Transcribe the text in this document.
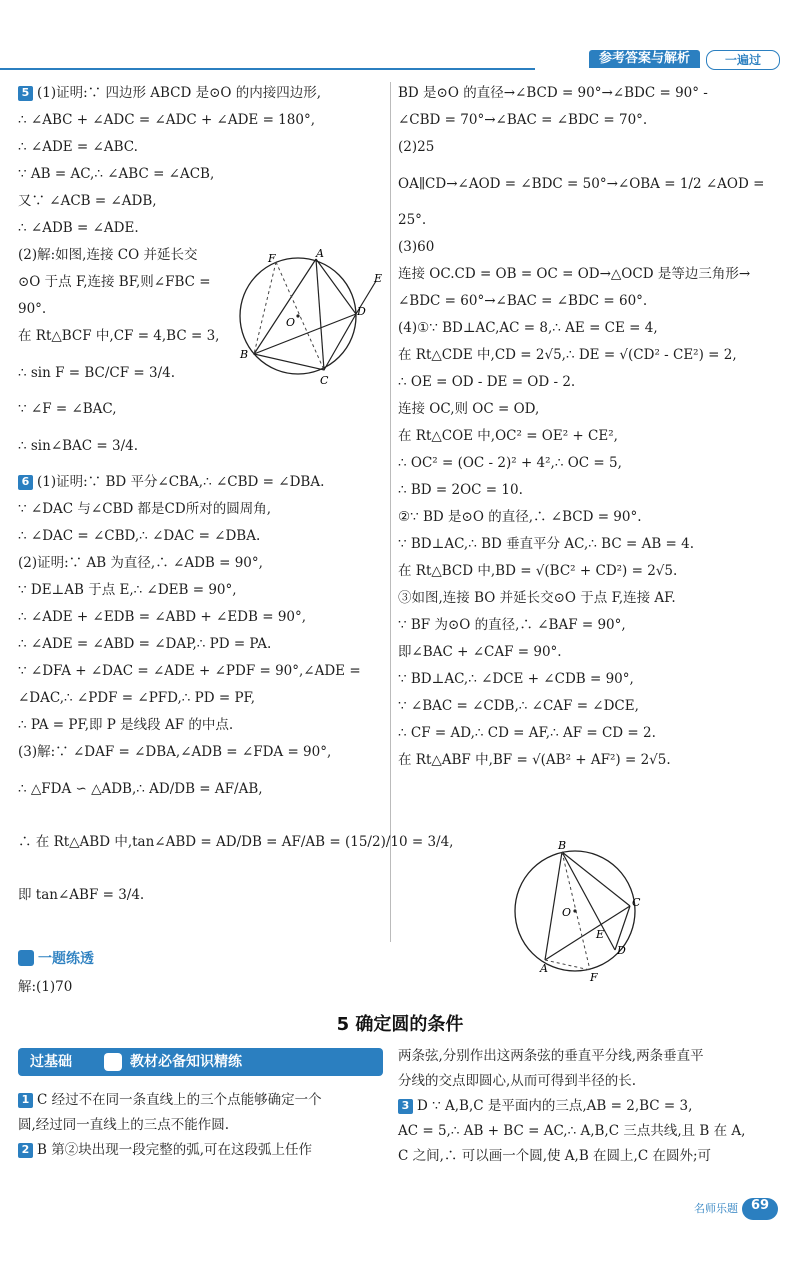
参考答案与解析	一遍过
5 (1)证明:∵ 四边形 ABCD 是⊙O 的内接四边形,
∴ ∠ABC + ∠ADC = ∠ADC + ∠ADE = 180°,
∴ ∠ADE = ∠ABC.
∵ AB = AC,∴ ∠ABC = ∠ACB,
又∵ ∠ACB = ∠ADB,
∴ ∠ADB = ∠ADE.
(2)解:如图,连接 CO 并延长交
⊙O 于点 F,连接 BF,则∠FBC =
90°.
在 Rt△BCF 中,CF = 4,BC = 3,
∴ sin F = BC/CF = 3/4.
∵ ∠F = ∠BAC,
∴ sin∠BAC = 3/4.
6 (1)证明:∵ BD 平分∠CBA,∴ ∠CBD = ∠DBA.
∵ ∠DAC 与∠CBD 都是CD所对的圆周角,
∴ ∠DAC = ∠CBD,∴ ∠DAC = ∠DBA.
(2)证明:∵ AB 为直径,∴ ∠ADB = 90°,
∵ DE⊥AB 于点 E,∴ ∠DEB = 90°,
∴ ∠ADE + ∠EDB = ∠ABD + ∠EDB = 90°,
∴ ∠ADE = ∠ABD = ∠DAP,∴ PD = PA.
∵ ∠DFA + ∠DAC = ∠ADE + ∠PDF = 90°,∠ADE =
∠DAC,∴ ∠PDF = ∠PFD,∴ PD = PF,
∴ PA = PF,即 P 是线段 AF 的中点.
(3)解:∵ ∠DAF = ∠DBA,∠ADB = ∠FDA = 90°,
∴ △FDA ∽ △ADB,∴ AD/DB = AF/AB,
∴ 在 Rt△ABD 中,tan∠ABD = AD/DB = AF/AB = (15/2)/10 = 3/4,
即 tan∠ABF = 3/4.
BD 是⊙O 的直径→∠BCD = 90°→∠BDC = 90° -
∠CBD = 70°→∠BAC = ∠BDC = 70°.
(2)25
OA∥CD→∠AOD = ∠BDC = 50°→∠OBA = 1/2 ∠AOD =
25°.
(3)60
连接 OC.CD = OB = OC = OD→△OCD 是等边三角形→
∠BDC = 60°→∠BAC = ∠BDC = 60°.
(4)①∵ BD⊥AC,AC = 8,∴ AE = CE = 4,
在 Rt△CDE 中,CD = 2√5,∴ DE = √(CD² - CE²) = 2,
∴ OE = OD - DE = OD - 2.
连接 OC,则 OC = OD,
在 Rt△COE 中,OC² = OE² + CE²,
∴ OC² = (OC - 2)² + 4²,∴ OC = 5,
∴ BD = 2OC = 10.
②∵ BD 是⊙O 的直径,∴ ∠BCD = 90°.
∵ BD⊥AC,∴ BD 垂直平分 AC,∴ BC = AB = 4.
在 Rt△BCD 中,BD = √(BC² + CD²) = 2√5.
③如图,连接 BO 并延长交⊙O 于点 F,连接 AF.
∵ BF 为⊙O 的直径,∴ ∠BAF = 90°,
即∠BAC + ∠CAF = 90°.
∵ BD⊥AC,∴ ∠DCE + ∠CDB = 90°,
∵ ∠BAC = ∠CDB,∴ ∠CAF = ∠DCE,
∴ CF = AD,∴ CD = AF,∴ AF = CD = 2.
在 Rt△ABF 中,BF = √(AB² + AF²) = 2√5.
F	A
E
D
O
B
C
B
O
C
E
D
A
F
一题练透
解:(1)70
5 确定圆的条件
过基础	教材必备知识精练
1 C 经过不在同一条直线上的三个点能够确定一个
圆,经过同一直线上的三点不能作圆.
2 B 第②块出现一段完整的弧,可在这段弧上任作
两条弦,分别作出这两条弦的垂直平分线,两条垂直平
分线的交点即圆心,从而可得到半径的长.
3 D ∵ A,B,C 是平面内的三点,AB = 2,BC = 3,
AC = 5,∴ AB + BC = AC,∴ A,B,C 三点共线,且 B 在 A,
C 之间,∴ 可以画一个圆,使 A,B 在圆上,C 在圆外;可
名师乐题 69
